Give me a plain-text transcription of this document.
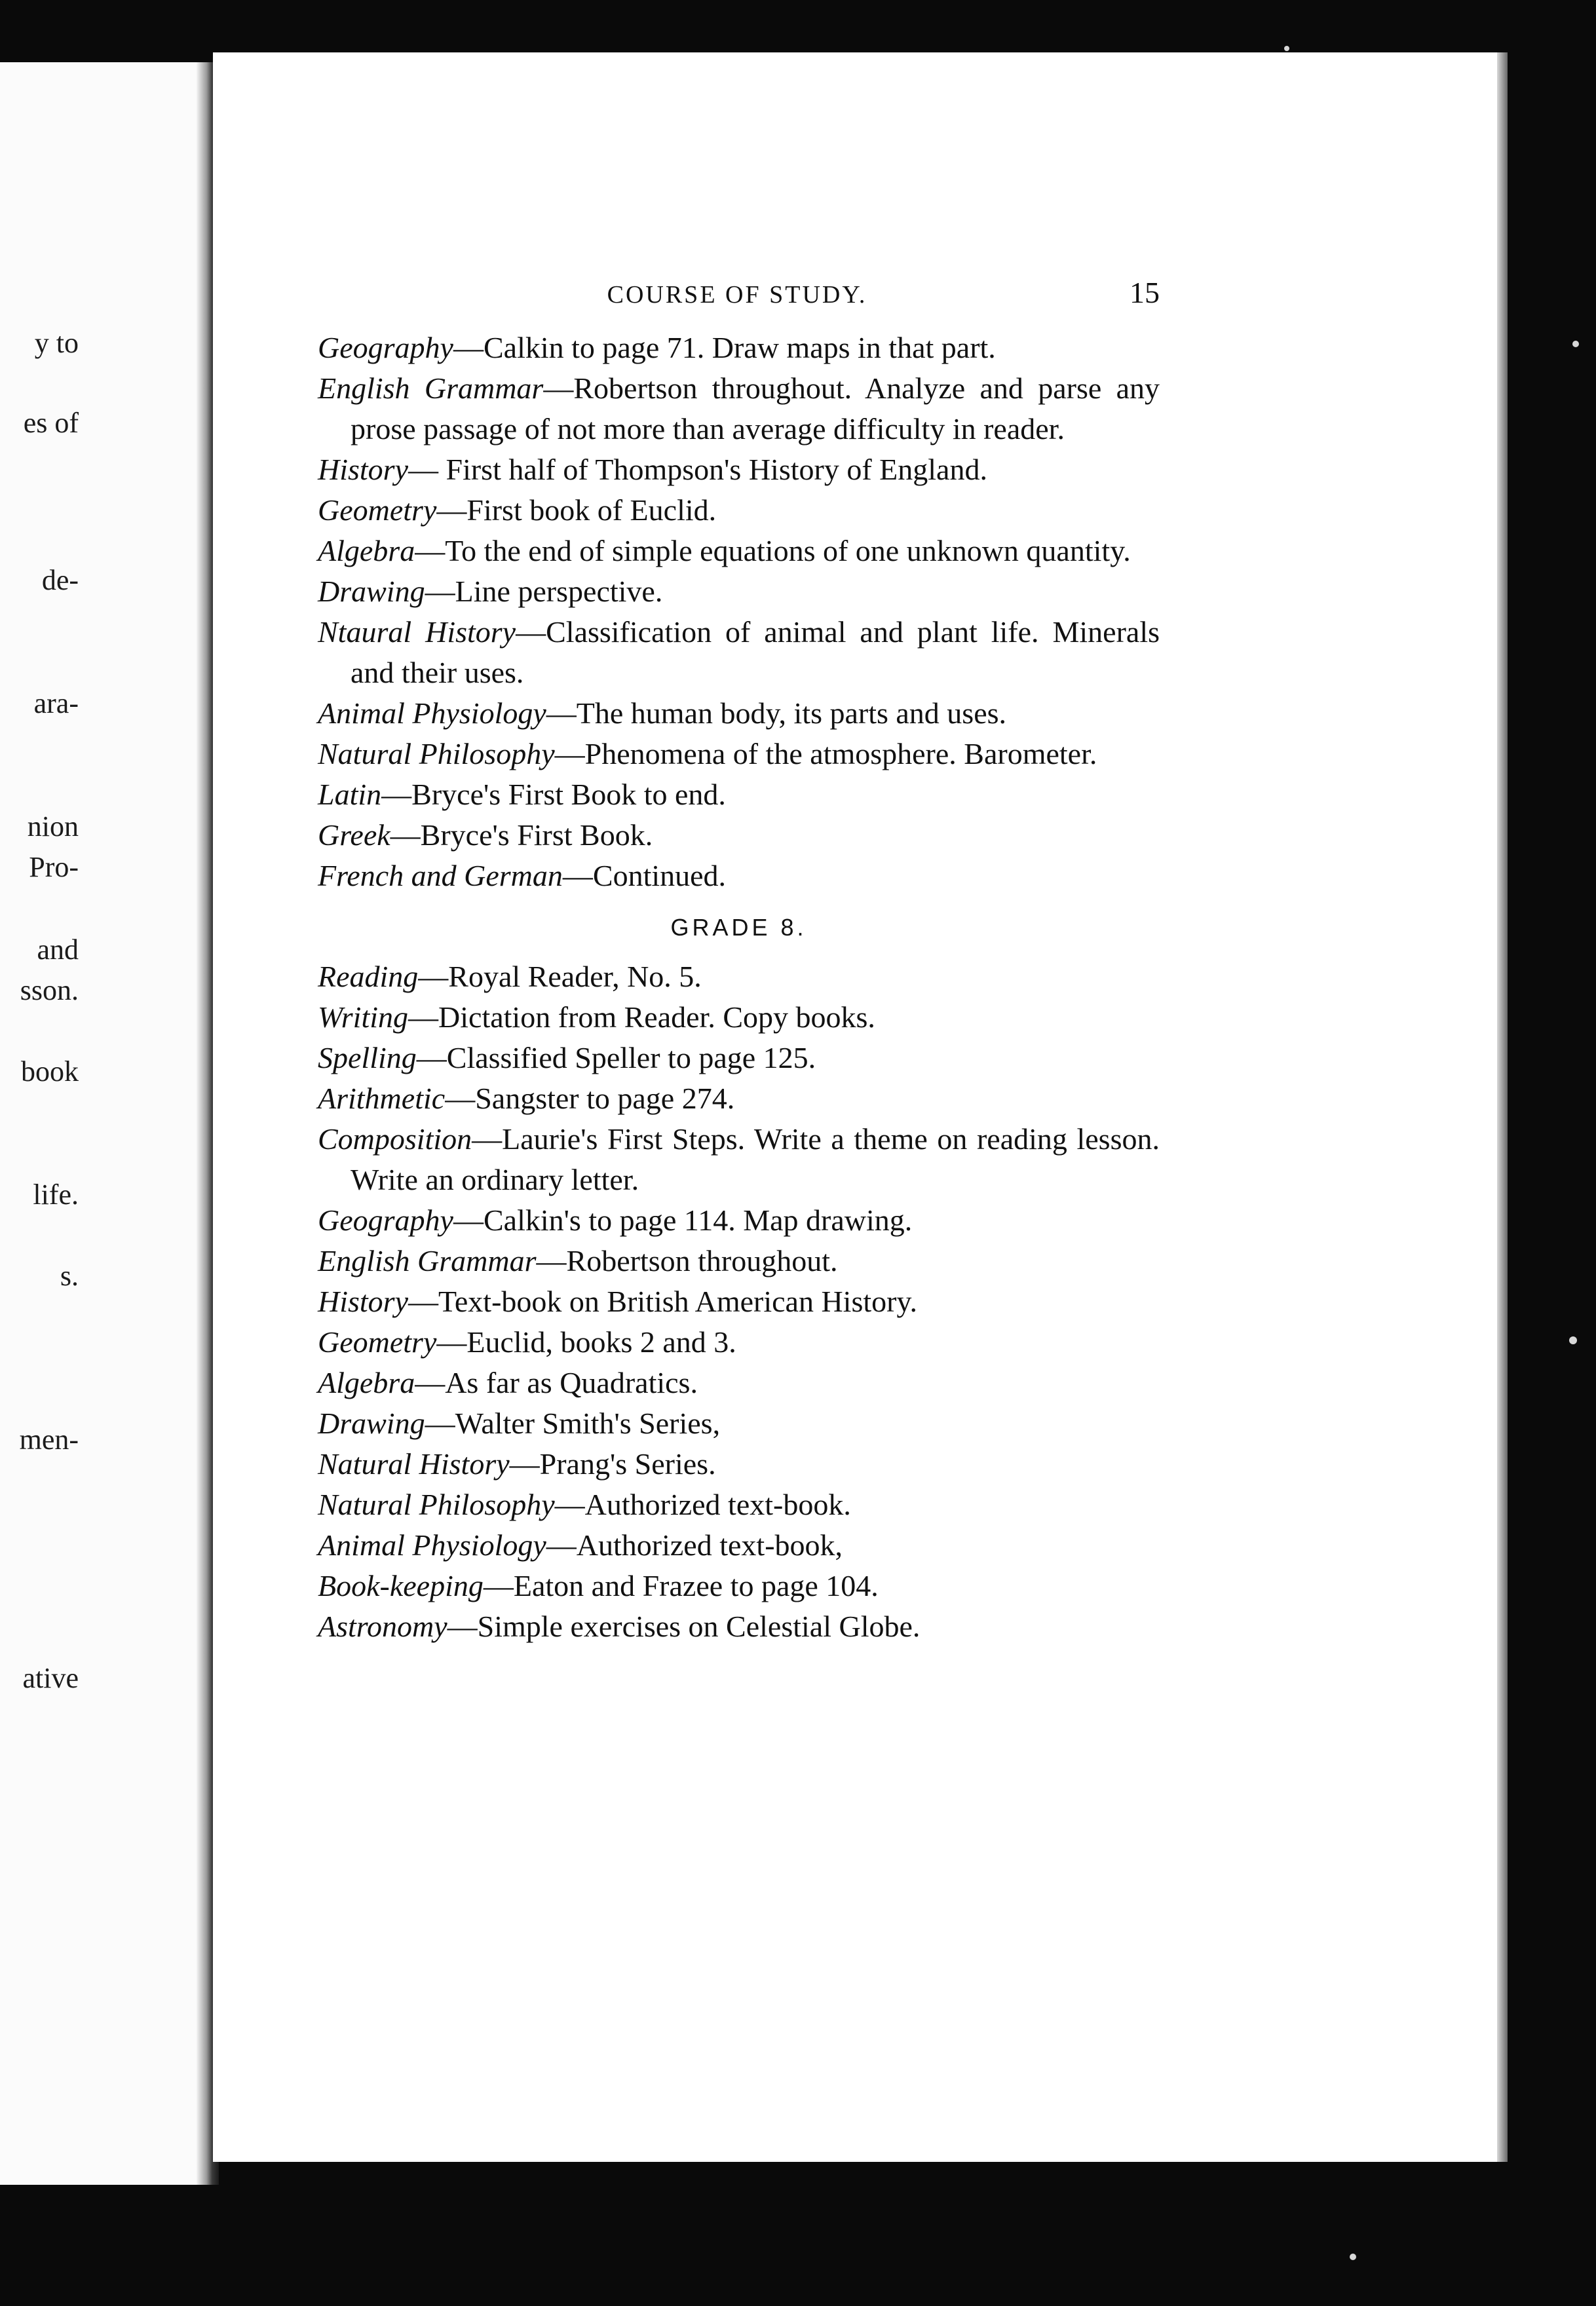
y to
es of
de-
ara-
nion
Pro-
and
sson.
book
life.
s.
men-
ative
COURSE OF STUDY.	15
Geography—Calkin to page 71. Draw maps in that part.
English Grammar—Robertson throughout. Analyze and parse any prose passage of not more than average difficulty in reader.
History— First half of Thompson's History of England.
Geometry—First book of Euclid.
Algebra—To the end of simple equations of one unknown quantity.
Drawing—Line perspective.
Ntaural History—Classification of animal and plant life. Minerals and their uses.
Animal Physiology—The human body, its parts and uses.
Natural Philosophy—Phenomena of the atmosphere. Barometer.
Latin—Bryce's First Book to end.
Greek—Bryce's First Book.
French and German—Continued.
GRADE 8.
Reading—Royal Reader, No. 5.
Writing—Dictation from Reader. Copy books.
Spelling—Classified Speller to page 125.
Arithmetic—Sangster to page 274.
Composition—Laurie's First Steps. Write a theme on reading lesson. Write an ordinary letter.
Geography—Calkin's to page 114. Map drawing.
English Grammar—Robertson throughout.
History—Text-book on British American History.
Geometry—Euclid, books 2 and 3.
Algebra—As far as Quadratics.
Drawing—Walter Smith's Series,
Natural History—Prang's Series.
Natural Philosophy—Authorized text-book.
Animal Physiology—Authorized text-book,
Book-keeping—Eaton and Frazee to page 104.
Astronomy—Simple exercises on Celestial Globe.
